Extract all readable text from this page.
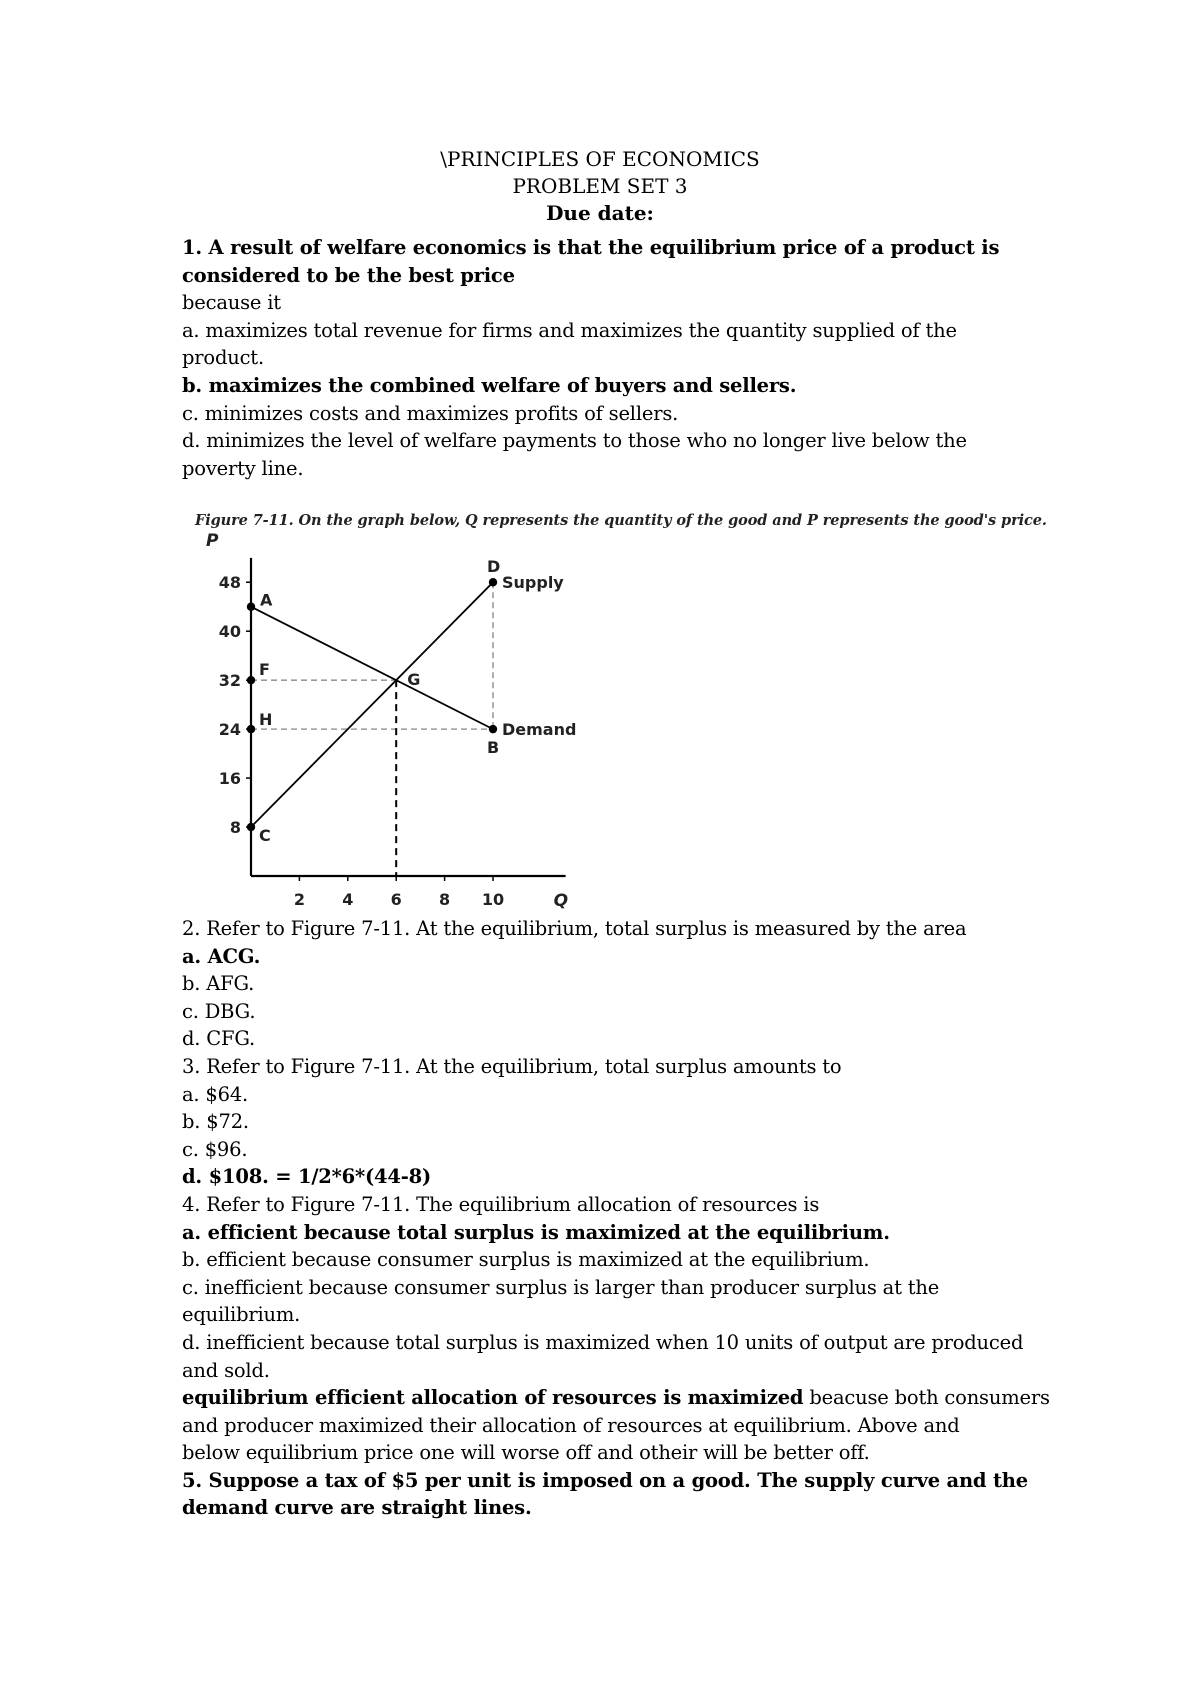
\PRINCIPLES OF ECONOMICS
PROBLEM SET 3
Due date:
1. A result of welfare economics is that the equilibrium price of a product is
considered to be the best price
because it
a. maximizes total revenue for firms and maximizes the quantity supplied of the
product.
b. maximizes the combined welfare of buyers and sellers.
c. minimizes costs and maximizes profits of sellers.
d. minimizes the level of welfare payments to those who no longer live below the
poverty line.
Figure 7-11. On the graph below, Q represents the quantity of the good and P represents the good's price.
8
16
24
32
40
48
2 4 6 8 10
P
Q
A
F
H
C
G
D
B
Supply
Demand
2. Refer to Figure 7-11. At the equilibrium, total surplus is measured by the area
a. ACG.
b. AFG.
c. DBG.
d. CFG.
3. Refer to Figure 7-11. At the equilibrium, total surplus amounts to
a. $64.
b. $72.
c. $96.
d. $108. = 1/2*6*(44-8)
4. Refer to Figure 7-11. The equilibrium allocation of resources is
a. efficient because total surplus is maximized at the equilibrium.
b. efficient because consumer surplus is maximized at the equilibrium.
c. inefficient because consumer surplus is larger than producer surplus at the
equilibrium.
d. inefficient because total surplus is maximized when 10 units of output are produced
and sold.
equilibrium efficient allocation of resources is maximized beacuse both consumers
and producer maximized their allocation of resources at equilibrium. Above and
below equilibrium price one will worse off and otheir will be better off.
5. Suppose a tax of $5 per unit is imposed on a good. The supply curve and the
demand curve are straight lines.
